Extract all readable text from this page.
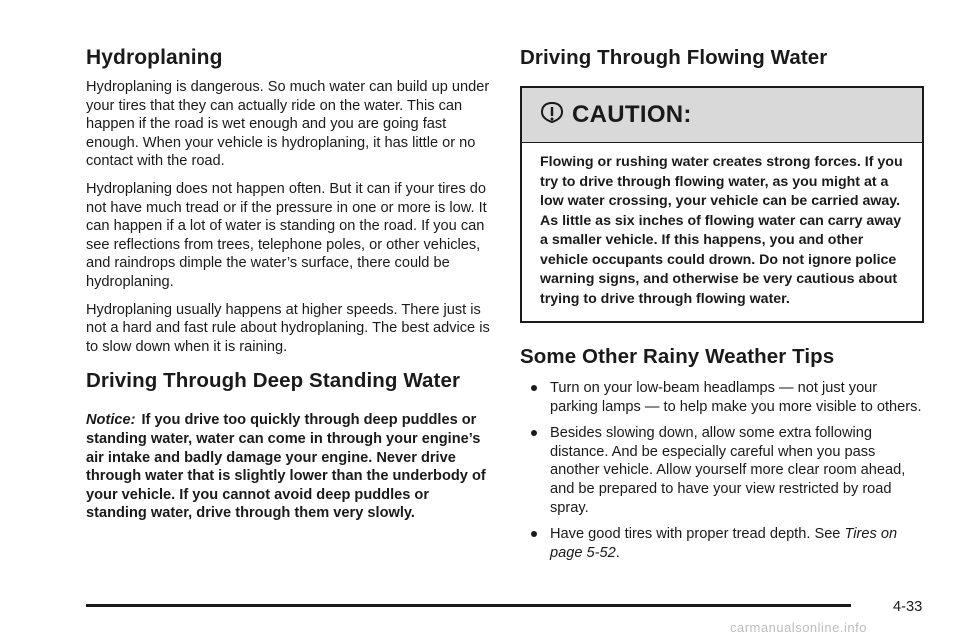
Hydroplaning

Hydroplaning is dangerous. So much water can build up under your tires that they can actually ride on the water. This can happen if the road is wet enough and you are going fast enough. When your vehicle is hydroplaning, it has little or no contact with the road.

Hydroplaning does not happen often. But it can if your tires do not have much tread or if the pressure in one or more is low. It can happen if a lot of water is standing on the road. If you can see reflections from trees, telephone poles, or other vehicles, and raindrops dimple the water’s surface, there could be hydroplaning.

Hydroplaning usually happens at higher speeds. There just is not a hard and fast rule about hydroplaning. The best advice is to slow down when it is raining.

Driving Through Deep Standing Water
Notice: If you drive too quickly through deep puddles or standing water, water can come in through your engine’s air intake and badly damage your engine. Never drive through water that is slightly lower than the underbody of your vehicle. If you cannot avoid deep puddles or standing water, drive through them very slowly.
Driving Through Flowing Water
CAUTION:
Flowing or rushing water creates strong forces. If you try to drive through flowing water, as you might at a low water crossing, your vehicle can be carried away. As little as six inches of flowing water can carry away a smaller vehicle. If this happens, you and other vehicle occupants could drown. Do not ignore police warning signs, and otherwise be very cautious about trying to drive through flowing water.
Some Other Rainy Weather Tips
Turn on your low-beam headlamps — not just your parking lamps — to help make you more visible to others.
Besides slowing down, allow some extra following distance. And be especially careful when you pass another vehicle. Allow yourself more clear room ahead, and be prepared to have your view restricted by road spray.
Have good tires with proper tread depth. See Tires on page 5-52.
4-33
carmanualsonline.info
